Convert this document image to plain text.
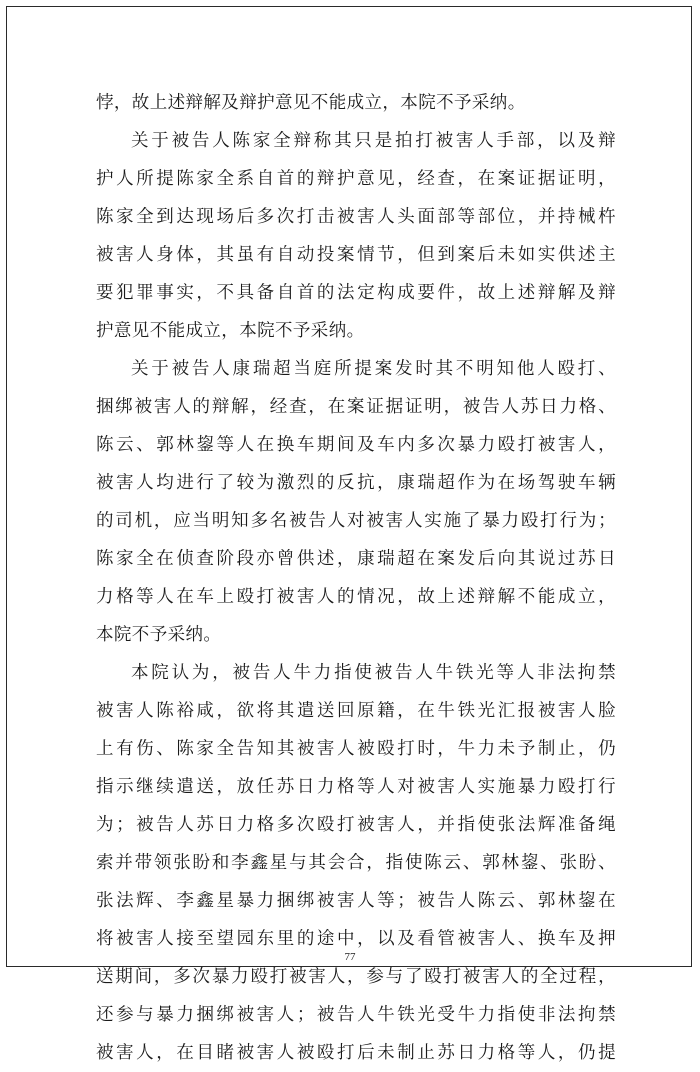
悖，故上述辩解及辩护意见不能成立，本院不予采纳。
关于被告人陈家全辩称其只是拍打被害人手部，以及辩
护人所提陈家全系自首的辩护意见，经查，在案证据证明，
陈家全到达现场后多次打击被害人头面部等部位，并持械杵
被害人身体，其虽有自动投案情节，但到案后未如实供述主
要犯罪事实，不具备自首的法定构成要件，故上述辩解及辩
护意见不能成立，本院不予采纳。
关于被告人康瑞超当庭所提案发时其不明知他人殴打、
捆绑被害人的辩解，经查，在案证据证明，被告人苏日力格、
陈云、郭林鋆等人在换车期间及车内多次暴力殴打被害人，
被害人均进行了较为激烈的反抗，康瑞超作为在场驾驶车辆
的司机，应当明知多名被告人对被害人实施了暴力殴打行为；
陈家全在侦查阶段亦曾供述，康瑞超在案发后向其说过苏日
力格等人在车上殴打被害人的情况，故上述辩解不能成立，
本院不予采纳。
本院认为，被告人牛力指使被告人牛铁光等人非法拘禁
被害人陈裕咸，欲将其遣送回原籍，在牛铁光汇报被害人脸
上有伤、陈家全告知其被害人被殴打时，牛力未予制止，仍
指示继续遣送，放任苏日力格等人对被害人实施暴力殴打行
为；被告人苏日力格多次殴打被害人，并指使张法辉准备绳
索并带领张盼和李鑫星与其会合，指使陈云、郭林鋆、张盼、
张法辉、李鑫星暴力捆绑被害人等；被告人陈云、郭林鋆在
将被害人接至望园东里的途中，以及看管被害人、换车及押
送期间，多次暴力殴打被害人，参与了殴打被害人的全过程，
还参与暴力捆绑被害人；被告人牛铁光受牛力指使非法拘禁
被害人，在目睹被害人被殴打后未制止苏日力格等人，仍提
77
